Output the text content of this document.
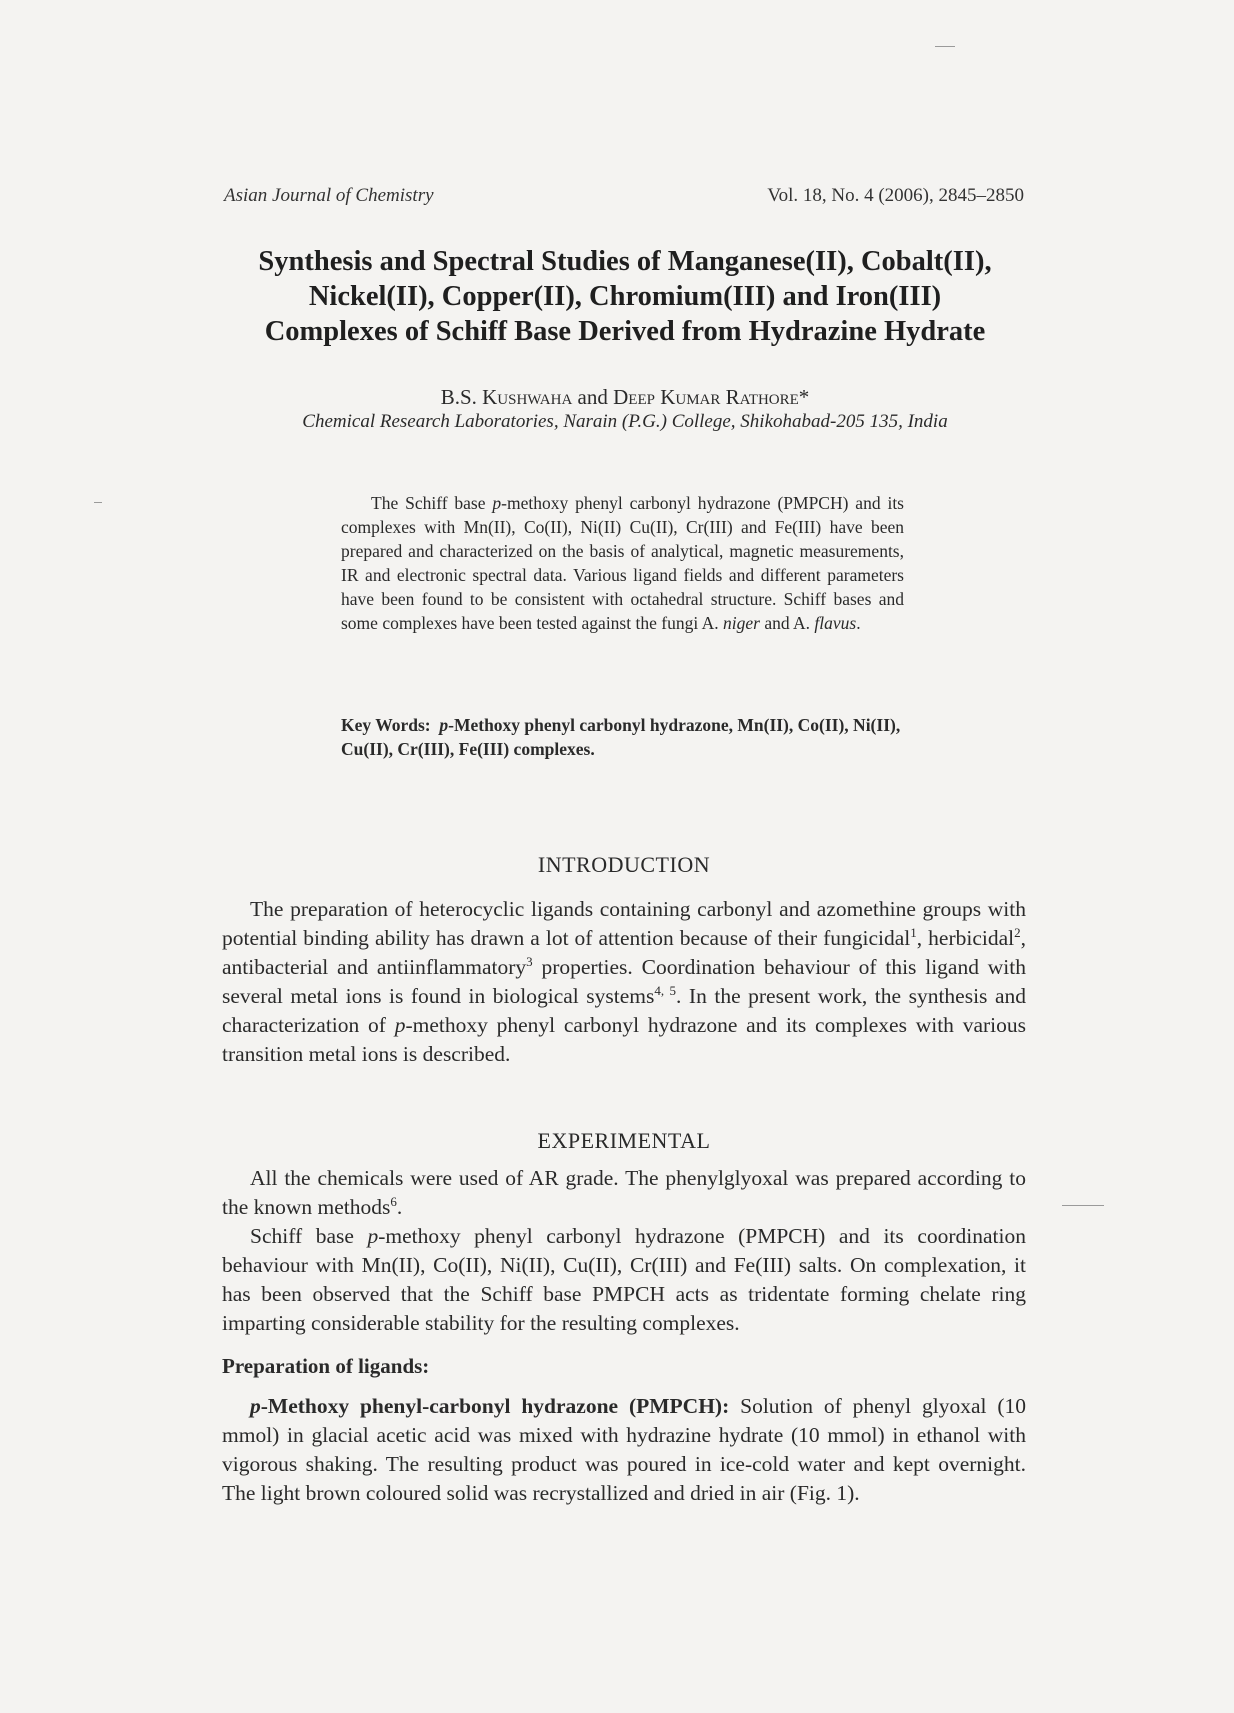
Asian Journal of Chemistry	Vol. 18, No. 4 (2006), 2845–2850
Synthesis and Spectral Studies of Manganese(II), Cobalt(II),
Nickel(II), Copper(II), Chromium(III) and Iron(III)
Complexes of Schiff Base Derived from Hydrazine Hydrate
B.S. Kushwaha and Deep Kumar Rathore*
Chemical Research Laboratories, Narain (P.G.) College, Shikohabad-205 135, India

The Schiff base p-methoxy phenyl carbonyl hydrazone (PMPCH) and its complexes with Mn(II), Co(II), Ni(II) Cu(II), Cr(III) and Fe(III) have been prepared and characterized on the basis of analytical, magnetic measurements, IR and electronic spectral data. Various ligand fields and different parameters have been found to be consistent with octahedral structure. Schiff bases and some complexes have been tested against the fungi A. niger and A. flavus.

Key Words: p-Methoxy phenyl carbonyl hydrazone, Mn(II), Co(II), Ni(II), Cu(II), Cr(III), Fe(III) complexes.
INTRODUCTION

The preparation of heterocyclic ligands containing carbonyl and azomethine groups with potential binding ability has drawn a lot of attention because of their fungicidal$^1$, herbicidal$^2$, antibacterial and antiinflammatory$^3$ properties. Coordination behaviour of this ligand with several metal ions is found in biological systems$^{4, 5}$. In the present work, the synthesis and characterization of p-methoxy phenyl carbonyl hydrazone and its complexes with various transition metal ions is described.

EXPERIMENTAL

All the chemicals were used of AR grade. The phenylglyoxal was prepared according to the known methods$^6$.

Schiff base p-methoxy phenyl carbonyl hydrazone (PMPCH) and its coordination behaviour with Mn(II), Co(II), Ni(II), Cu(II), Cr(III) and Fe(III) salts. On complexation, it has been observed that the Schiff base PMPCH acts as tridentate forming chelate ring imparting considerable stability for the resulting complexes.

Preparation of ligands:

p-Methoxy phenyl-carbonyl hydrazone (PMPCH): Solution of phenyl glyoxal (10 mmol) in glacial acetic acid was mixed with hydrazine hydrate (10 mmol) in ethanol with vigorous shaking. The resulting product was poured in ice-cold water and kept overnight. The light brown coloured solid was recrystallized and dried in air (Fig. 1).
